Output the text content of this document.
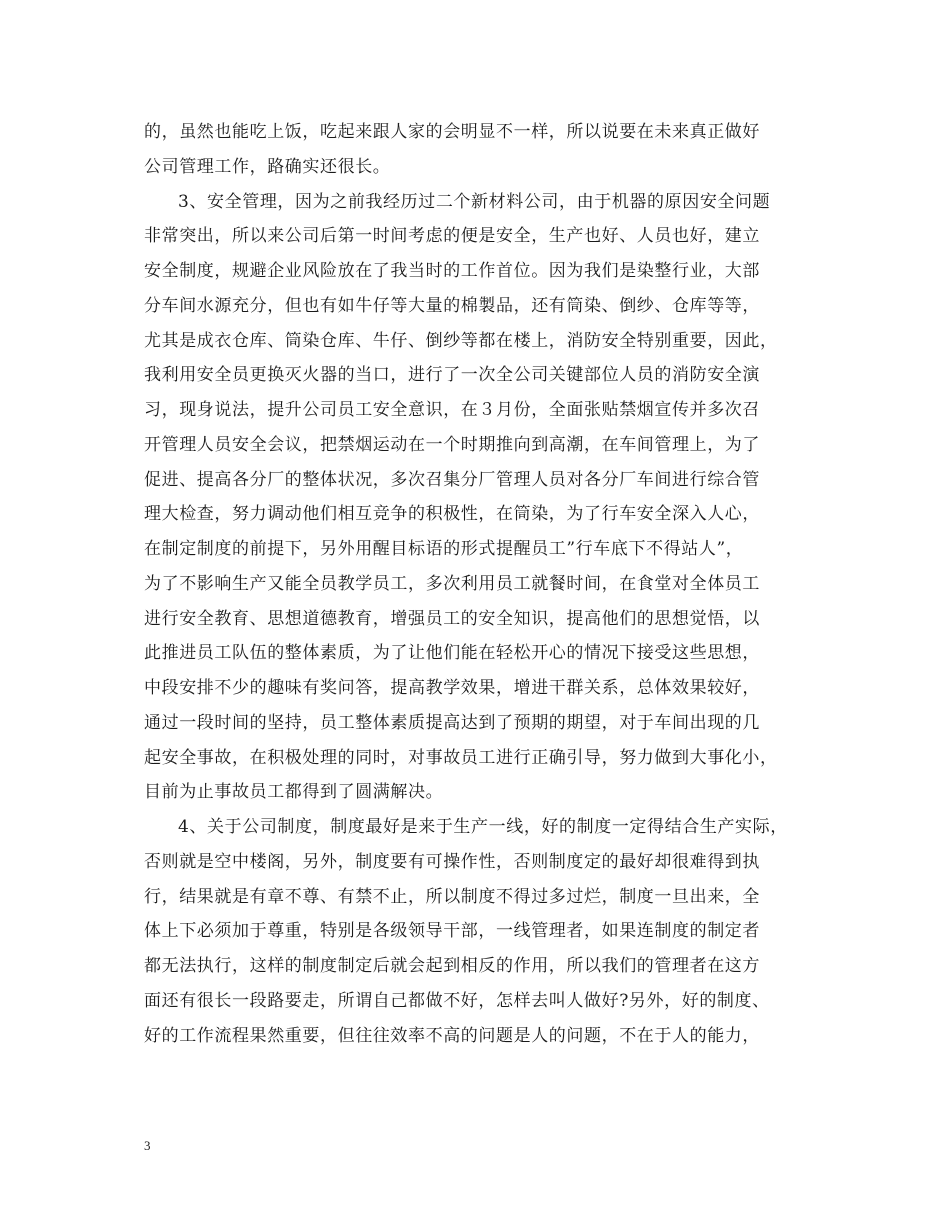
的，虽然也能吃上饭，吃起来跟人家的会明显不一样，所以说要在未来真正做好
公司管理工作，路确实还很长。
3、安全管理，因为之前我经历过二个新材料公司，由于机器的原因安全问题
非常突出，所以来公司后第一时间考虑的便是安全，生产也好、人员也好，建立
安全制度，规避企业风险放在了我当时的工作首位。因为我们是染整行业，大部
分车间水源充分，但也有如牛仔等大量的棉製品，还有筒染、倒纱、仓库等等，
尤其是成衣仓库、筒染仓库、牛仔、倒纱等都在楼上，消防安全特别重要，因此，
我利用安全员更换灭火器的当口，进行了一次全公司关键部位人员的消防安全演
习，现身说法，提升公司员工安全意识，在３月份，全面张贴禁烟宣传并多次召
开管理人员安全会议，把禁烟运动在一个时期推向到高潮，在车间管理上，为了
促进、提高各分厂的整体状况，多次召集分厂管理人员对各分厂车间进行综合管
理大检查，努力调动他们相互竞争的积极性，在筒染，为了行车安全深入人心，
在制定制度的前提下，另外用醒目标语的形式提醒员工”行车底下不得站人”，
为了不影响生产又能全员教学员工，多次利用员工就餐时间，在食堂对全体员工
进行安全教育、思想道德教育，增强员工的安全知识，提高他们的思想觉悟，以
此推进员工队伍的整体素质，为了让他们能在轻松开心的情况下接受这些思想，
中段安排不少的趣味有奖问答，提高教学效果，增进干群关系，总体效果较好，
通过一段时间的坚持，员工整体素质提高达到了预期的期望，对于车间出现的几
起安全事故，在积极处理的同时，对事故员工进行正确引导，努力做到大事化小，
目前为止事故员工都得到了圆满解决。
4、关于公司制度，制度最好是来于生产一线，好的制度一定得结合生产实际，
否则就是空中楼阁，另外，制度要有可操作性，否则制度定的最好却很难得到执
行，结果就是有章不尊、有禁不止，所以制度不得过多过烂，制度一旦出来，全
体上下必须加于尊重，特别是各级领导干部，一线管理者，如果连制度的制定者
都无法执行，这样的制度制定后就会起到相反的作用，所以我们的管理者在这方
面还有很长一段路要走，所谓自己都做不好，怎样去叫人做好?另外，好的制度、
好的工作流程果然重要，但往往效率不高的问题是人的问题，不在于人的能力，
3
